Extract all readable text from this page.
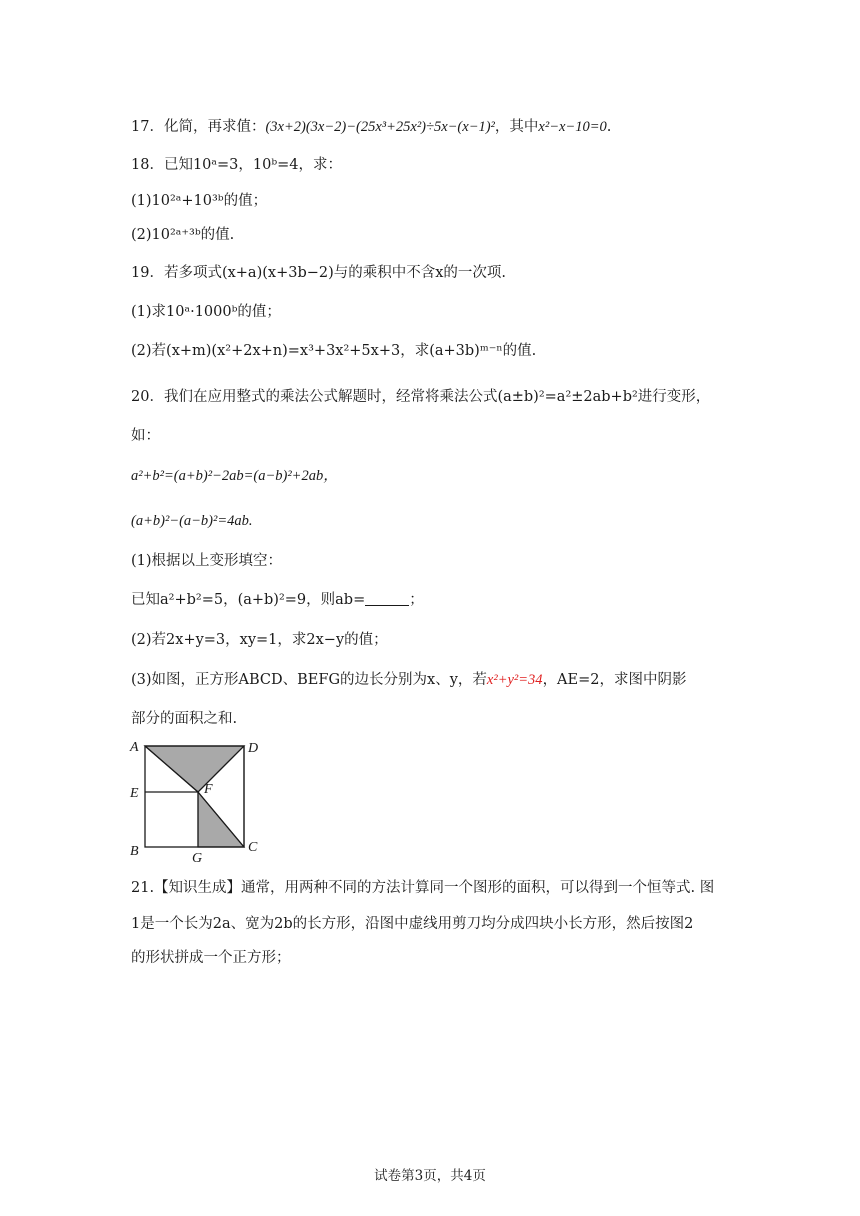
17．化简，再求值：(3x+2)(3x−2)−(25x³+25x²)÷5x−(x−1)²，其中x²−x−10=0.
18．已知10ᵃ=3，10ᵇ=4，求：
(1)10²ᵃ+10³ᵇ的值；
(2)10²ᵃ⁺³ᵇ的值.
19．若多项式(x+a)(x+3b−2)与的乘积中不含x的一次项.
(1)求10ᵃ·1000ᵇ的值；
(2)若(x+m)(x²+2x+n)=x³+3x²+5x+3，求(a+3b)ᵐ⁻ⁿ的值.
20．我们在应用整式的乘法公式解题时，经常将乘法公式(a±b)²=a²±2ab+b²进行变形，
如：
a²+b²=(a+b)²−2ab=(a−b)²+2ab，
(a+b)²−(a−b)²=4ab.
(1)根据以上变形填空：
已知a²+b²=5，(a+b)²=9，则ab=	；
(2)若2x+y=3，xy=1，求2x−y的值；
(3)如图，正方形ABCD、BEFG的边长分别为x、y，若x²+y²=34，AE=2，求图中阴影
部分的面积之和.
A	D
E	F
B	G
C
21.【知识生成】通常，用两种不同的方法计算同一个图形的面积，可以得到一个恒等式. 图
1是一个长为2a、宽为2b的长方形，沿图中虚线用剪刀均分成四块小长方形，然后按图2
的形状拼成一个正方形；
试卷第3页，共4页
